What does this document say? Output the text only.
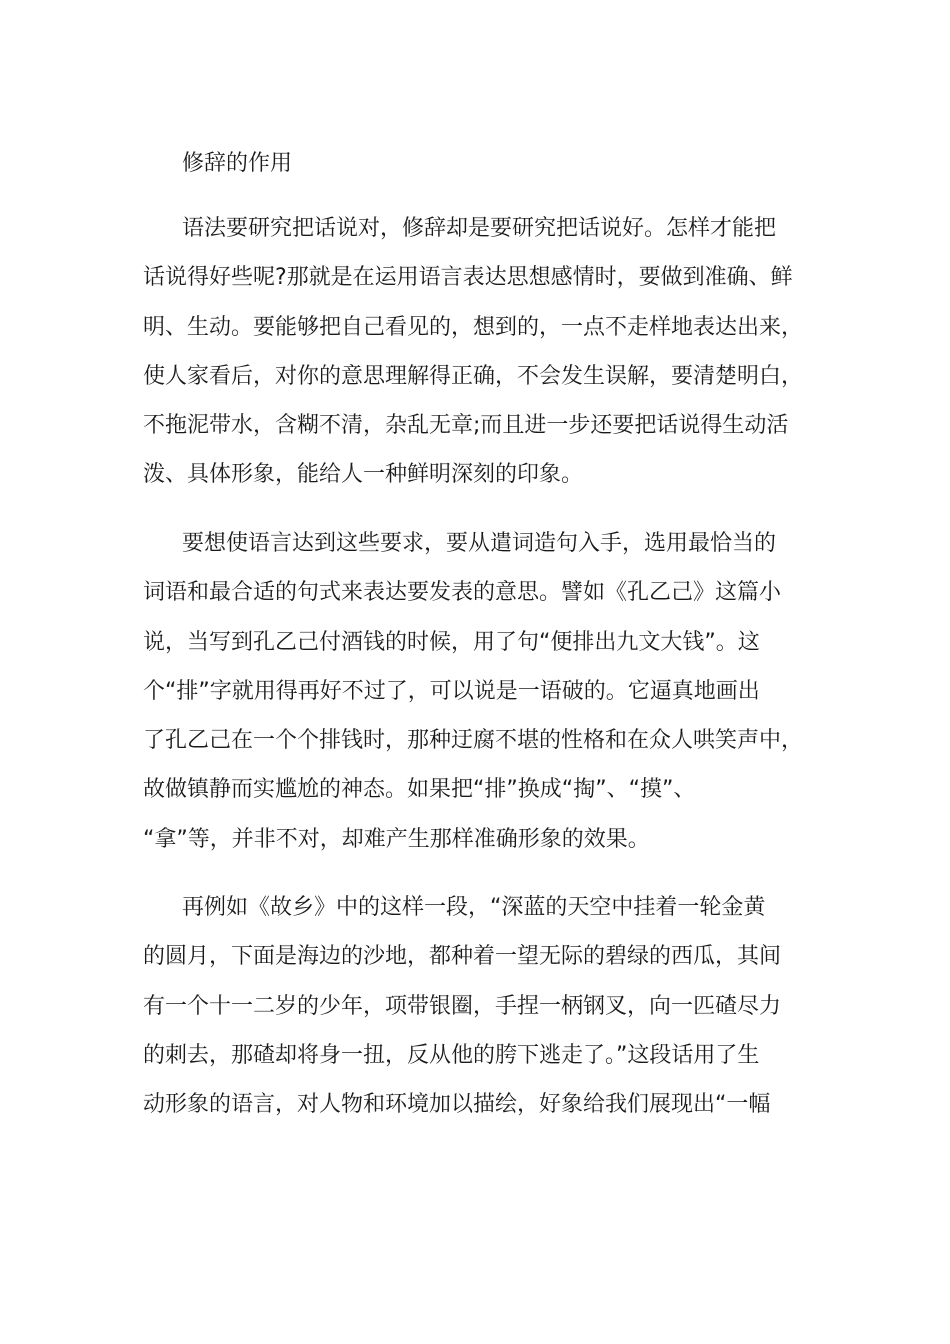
修辞的作用
语法要研究把话说对，修辞却是要研究把话说好。怎样才能把
话说得好些呢?那就是在运用语言表达思想感情时，要做到准确、鲜
明、生动。要能够把自己看见的，想到的，一点不走样地表达出来，
使人家看后，对你的意思理解得正确，不会发生误解，要清楚明白，
不拖泥带水，含糊不清，杂乱无章;而且进一步还要把话说得生动活
泼、具体形象，能给人一种鲜明深刻的印象。
要想使语言达到这些要求，要从遣词造句入手，选用最恰当的
词语和最合适的句式来表达要发表的意思。譬如《孔乙己》这篇小
说，当写到孔乙己付酒钱的时候，用了句“便排出九文大钱”。这
个“排”字就用得再好不过了，可以说是一语破的。它逼真地画出
了孔乙己在一个个排钱时，那种迂腐不堪的性格和在众人哄笑声中，
故做镇静而实尴尬的神态。如果把“排”换成“掏”、“摸”、
“拿”等，并非不对，却难产生那样准确形象的效果。
再例如《故乡》中的这样一段，“深蓝的天空中挂着一轮金黄
的圆月，下面是海边的沙地，都种着一望无际的碧绿的西瓜，其间
有一个十一二岁的少年，项带银圈，手捏一柄钢叉，向一匹碴尽力
的刺去，那碴却将身一扭，反从他的胯下逃走了。”这段话用了生
动形象的语言，对人物和环境加以描绘，好象给我们展现出“一幅
